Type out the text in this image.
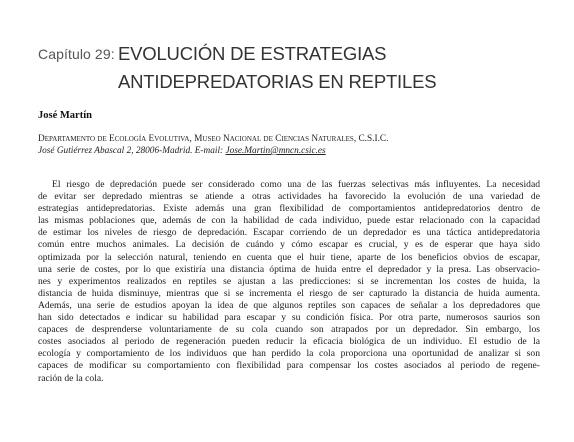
Capítulo 29: EVOLUCIÓN DE ESTRATEGIAS
ANTIDEPREDATORIAS EN REPTILES
José Martín
Departamento de Ecología Evolutiva, Museo Nacional de Ciencias Naturales, C.S.I.C.
José Gutiérrez Abascal 2, 28006-Madrid. E-mail: Jose.Martin@mncn.csic.es
El riesgo de depredación puede ser considerado como una de las fuerzas selectivas más influyentes. La necesidad
de evitar ser depredado mientras se atiende a otras actividades ha favorecido la evolución de una variedad de
estrategias antidepredatorias. Existe además una gran flexibilidad de comportamientos antidepredatorios dentro de
las mismas poblaciones que, además de con la habilidad de cada individuo, puede estar relacionado con la capacidad
de estimar los niveles de riesgo de depredación. Escapar corriendo de un depredador es una táctica antidepredatoria
común entre muchos animales. La decisión de cuándo y cómo escapar es crucial, y es de esperar que haya sido
optimizada por la selección natural, teniendo en cuenta que el huir tiene, aparte de los beneficios obvios de escapar,
una serie de costes, por lo que existiría una distancia óptima de huida entre el depredador y la presa. Las observacio-
nes y experimentos realizados en reptiles se ajustan a las predicciones: si se incrementan los costes de huida, la
distancia de huida disminuye, mientras que si se incrementa el riesgo de ser capturado la distancia de huida aumenta.
Además, una serie de estudios apoyan la idea de que algunos reptiles son capaces de señalar a los depredadores que
han sido detectados e indicar su habilidad para escapar y su condición física. Por otra parte, numerosos saurios son
capaces de desprenderse voluntariamente de su cola cuando son atrapados por un depredador. Sin embargo, los
costes asociados al periodo de regeneración pueden reducir la eficacia biológica de un individuo. El estudio de la
ecología y comportamiento de los individuos que han perdido la cola proporciona una oportunidad de analizar si son
capaces de modificar su comportamiento con flexibilidad para compensar los costes asociados al periodo de regene-
ración de la cola.
